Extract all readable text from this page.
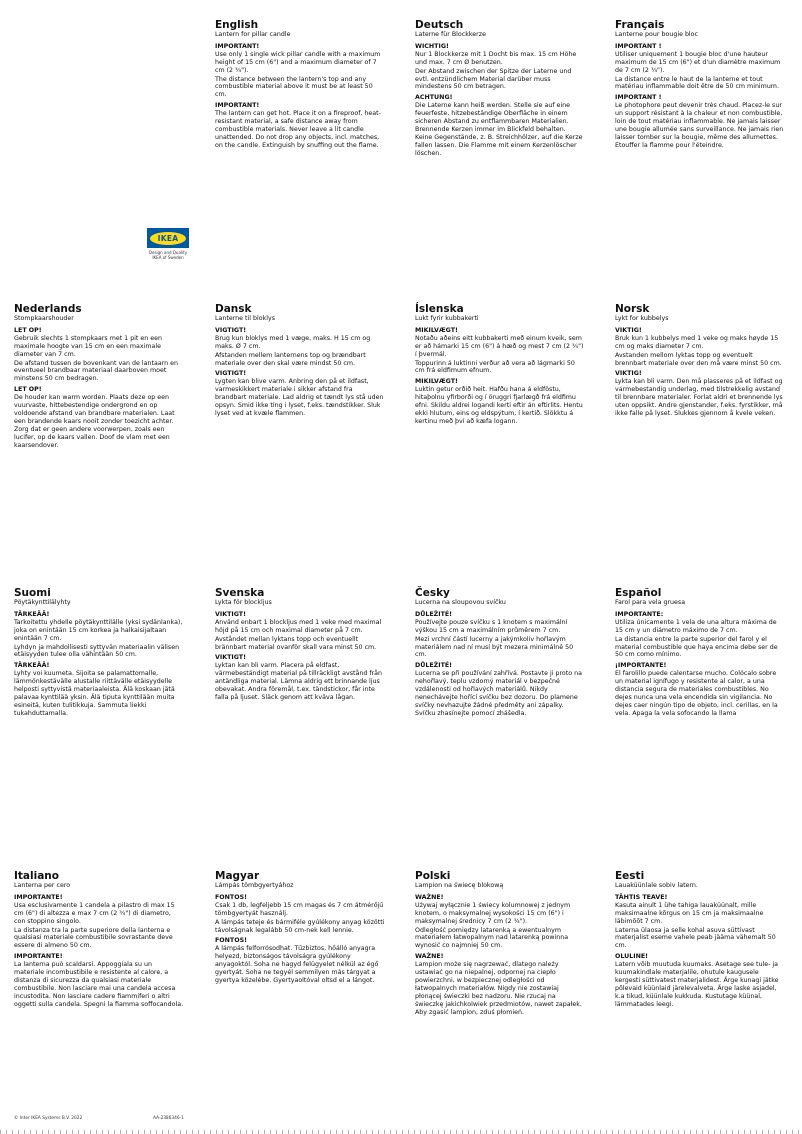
English

Lantern for pillar candle

IMPORTANT!

Use only 1 single wick pillar candle with a maximum height of 15 cm (6") and a maximum diameter of 7 cm (2 ¾").

The distance between the lantern's top and any combustible material above it must be at least 50 cm.

IMPORTANT!

The lantern can get hot. Place it on a fireproof, heat-resistant material, a safe distance away from combustible materials. Never leave a lit candle unattended. Do not drop any objects, incl. matches, on the candle. Extinguish by snuffing out the flame.

Deutsch

Laterne für Blockkerze

WICHTIG!

Nur 1 Blockkerze mit 1 Docht bis max. 15 cm Höhe und max. 7 cm Ø benutzen.

Der Abstand zwischen der Spitze der Laterne und evtl. entzündlichem Material darüber muss mindestens 50 cm betragen.

ACHTUNG!

Die Laterne kann heiß werden. Stelle sie auf eine feuerfeste, hitzebeständige Oberfläche in einem sicheren Abstand zu entflammbaren Materialien. Brennende Kerzen immer im Blickfeld behalten. Keine Gegenstände, z. B. Streichhölzer, auf die Kerze fallen lassen. Die Flamme mit einem Kerzenlöscher löschen.

Français

Lanterne pour bougie bloc

IMPORTANT !

Utiliser uniquement 1 bougie bloc d'une hauteur maximum de 15 cm (6") et d'un diamètre maximum de 7 cm (2 ¾").

La distance entre le haut de la lanterne et tout matériau inflammable doit être de 50 cm minimum.

IMPORTANT !

Le photophore peut devenir très chaud. Placez-le sur un support résistant à la chaleur et non combustible, loin de tout matériau inflammable. Ne jamais laisser une bougie allumée sans surveillance. Ne jamais rien laisser tomber sur la bougie, même des allumettes. Etouffer la flamme pour l'éteindre.

IKEA
Design and Quality
IKEA of Sweden

Nederlands

Stompkaarshouder

LET OP!

Gebruik slechts 1 stompkaars met 1 pit en een maximale hoogte van 15 cm en een maximale diameter van 7 cm.

De afstand tussen de bovenkant van de lantaarn en eventueel brandbaar materiaal daarboven moet minstens 50 cm bedragen.

LET OP!

De houder kan warm worden. Plaats deze op een vuurvaste, hittebestendige ondergrond en op voldoende afstand van brandbare materialen. Laat een brandende kaars nooit zonder toezicht achter. Zorg dat er geen andere voorwerpen, zoals een lucifer, op de kaars vallen. Doof de vlam met een kaarsendover.

Dansk

Lanterne til bloklys

VIGTIGT!

Brug kun bloklys med 1 væge, maks. H 15 cm og maks. Ø 7 cm.

Afstanden mellem lanternens top og brændbart materiale over den skal være mindst 50 cm.

VIGTIGT!

Lygten kan blive varm. Anbring den på et ildfast, varmeskikkert materiale i sikker afstand fra brandbart materiale. Lad aldrig et tændt lys stå uden opsyn. Smid ikke ting i lyset, f.eks. tændstikker. Sluk lyset ved at kvæle flammen.

Íslenska

Lukt fyrir kubbakerti

MIKILVÆGT!

Notaðu aðeins eitt kubbakerti með einum kveik, sem er að hámarki 15 cm (6") á hæð og mest 7 cm (2 ¾") í þvermál.

Toppurinn á luktinni verður að vera að lágmarki 50 cm frá eldfimum efnum.

MIKILVÆGT!

Luktin getur orðið heit. Hafðu hana á eldföstu, hitaþolnu yfirborði og í öruggri fjarlægð frá eldfimu efni. Skildu aldrei logandi kerti eftir án eftirlits. Hentu ekki hlutum, eins og eldspýtum, í kertið. Slökktu á kertinu með því að kæfa logann.

Norsk

Lykt for kubbelys

VIKTIG!

Bruk kun 1 kubbelys med 1 veke og maks høyde 15 cm og maks diameter 7 cm.

Avstanden mellom lyktas topp og eventuelt brennbart materiale over den må være minst 50 cm.

VIKTIG!

Lykta kan bli varm. Den må plasseres på et ildfast og varmebestandig underlag, med tilstrekkelig avstand til brennbare materialer. Forlat aldri et brennende lys uten oppsikt. Andre gjenstander, f.eks. fyrstikker, må ikke falle på lyset. Slukkes gjennom å kvele veken.

Suomi

Pöytäkynttilälyhty

TÄRKEÄÄ!

Tarkoitettu yhdelle pöytäkynttilälle (yksi sydänlanka), joka on enintään 15 cm korkea ja halkaisijaltaan enintään 7 cm.

Lyhdyn ja mahdollisesti syttyvän materiaalin välisen etäisyyden tulee olla vähintään 50 cm.

TÄRKEÄÄ!

Lyhty voi kuumeta. Sijoita se palamattomalle, lämmönkestävälle alustalle riittävälle etäisyydelle helposti syttyvistä materiaaleista. Älä koskaan jätä palavaa kynttilää yksin. Älä tiputa kynttilään muita esineitä, kuten tulitikkuja. Sammuta liekki tukahduttamalla.

Svenska

Lykta för blockljus

VIKTIGT!

Använd enbart 1 blockljus med 1 veke med maximal höjd på 15 cm och maximal diameter på 7 cm.

Avståndet mellan lyktans topp och eventuellt brännbart material ovanför skall vara minst 50 cm.

VIKTIGT!

Lyktan kan bli varm. Placera på eldfast, värmebeständigt material på tillräckligt avstånd från antändliga material. Lämna aldrig ett brinnande ljus obevakat. Andra föremål, t.ex. tändstickor, får inte falla på ljuset. Släck genom att kväva lågan.

Česky

Lucerna na sloupovou svíčku

DŮLEŽITÉ!

Používejte pouze svíčku s 1 knotem s maximální výškou 15 cm a maximálním průměrem 7 cm.

Mezi vrchní částí lucerny a jakýmkoliv hořlavým materiálem nad ní musí být mezera minimálně 50 cm.

DŮLEŽITÉ!

Lucerna se při používání zahřívá. Postavte ji proto na nehořlavý, teplu vzdorný materiál v bezpečné vzdálenosti od hořlavých materiálů. Nikdy nenechávejte hořící svíčku bez dozoru. Do plamene svíčky nevhazujte žádné předměty ani zápalky. Svíčku zhasínejte pomocí zhášedla.

Español

Farol para vela gruesa

IMPORTANTE:

Utiliza únicamente 1 vela de una altura máxima de 15 cm y un diámetro máximo de 7 cm.

La distancia entre la parte superior del farol y el material combustible que haya encima debe ser de 50 cm como mínimo.

¡IMPORTANTE!

El farolillo puede calentarse mucho. Colócalo sobre un material ignífugo y resistente al calor, a una distancia segura de materiales combustibles. No dejes nunca una vela encendida sin vigilancia. No dejes caer ningún tipo de objeto, incl. cerillas, en la vela. Apaga la vela sofocando la llama

Italiano

Lanterna per cero

IMPORTANTE!

Usa esclusivamente 1 candela a pilastro di max 15 cm (6") di altezza e max 7 cm (2 ¾") di diametro, con stoppino singolo.

La distanza tra la parte superiore della lanterna e qualsiasi materiale combustibile sovrastante deve essere di almeno 50 cm.

IMPORTANTE!

La lanterna può scaldarsi. Appoggiala su un materiale incombustibile e resistente al calore, a distanza di sicurezza da qualsiasi materiale combustibile. Non lasciare mai una candela accesa incustodita. Non lasciare cadere fiammiferi o altri oggetti sulla candela. Spegni la fiamma soffocandola.

Magyar

Lámpás tömbgyertyához

FONTOS!

Csak 1 db, legfeljebb 15 cm magas és 7 cm átmérőjű tömbgyertyát használj.

A lámpás teteje és bármiféle gyúlékony anyag közötti távolságnak legalább 50 cm-nek kell lennie.

FONTOS!

A lámpás felforrósodhat. Tűzbiztos, hőálló anyagra helyezd, biztonságos távolságra gyúlékony anyagoktól. Soha ne hagyd felügyelet nélkül az égő gyertyát. Soha ne tegyél semmilyen más tárgyat a gyertya közelébe. Gyertyaoltóval oltsd el a lángot.

Polski

Lampion na świecę blokową

WAŻNE!

Używaj wyłącznie 1 świecy kolumnowej z jednym knotem, o maksymalnej wysokości 15 cm (6") i maksymalnej średnicy 7 cm (2 ¾").

Odległość pomiędzy latarenką a ewentualnym materiałem łatwopalnym nad latarenką powinna wynosić co najmniej 50 cm.

WAŻNE!

Lampion może się nagrzewać, dlatego należy ustawiać go na niepalnej, odpornej na ciepło powierzchni, w bezpiecznej odległości od łatwopalnych materiałów. Nigdy nie zostawiaj płonącej świeczki bez nadzoru. Nie rzucaj na świeczkę jakichkolwiek przedmiotów, nawet zapałek. Aby zgasić lampion, zduś płomień.

Eesti

Lauaküünlale sobiv latern.

TÄHTIS TEAVE!

Kasuta ainult 1 ühe tahiga lauaküünalt, mille maksimaalne kõrgus on 15 cm ja maksimaalne läbimõõt 7 cm.

Laterna ülaosa ja selle kohal asuva süttivast materjalist eseme vahele peab jääma vähemalt 50 cm.

OLULINE!

Latern võib muutuda kuumaks. Asetage see tule- ja kuumakindlale materjalile, ohutule kaugusele kergesti süttivatest materjalidest. Ärge kunagi jätke põlevaid küünlaid järelevalveta. Ärge laske asjadel, k.a tikud, küünlale kukkuda. Kustutage küünal, lämmatades leegi.

© Inter IKEA Systems B.V. 2022	AA-2386346-1
